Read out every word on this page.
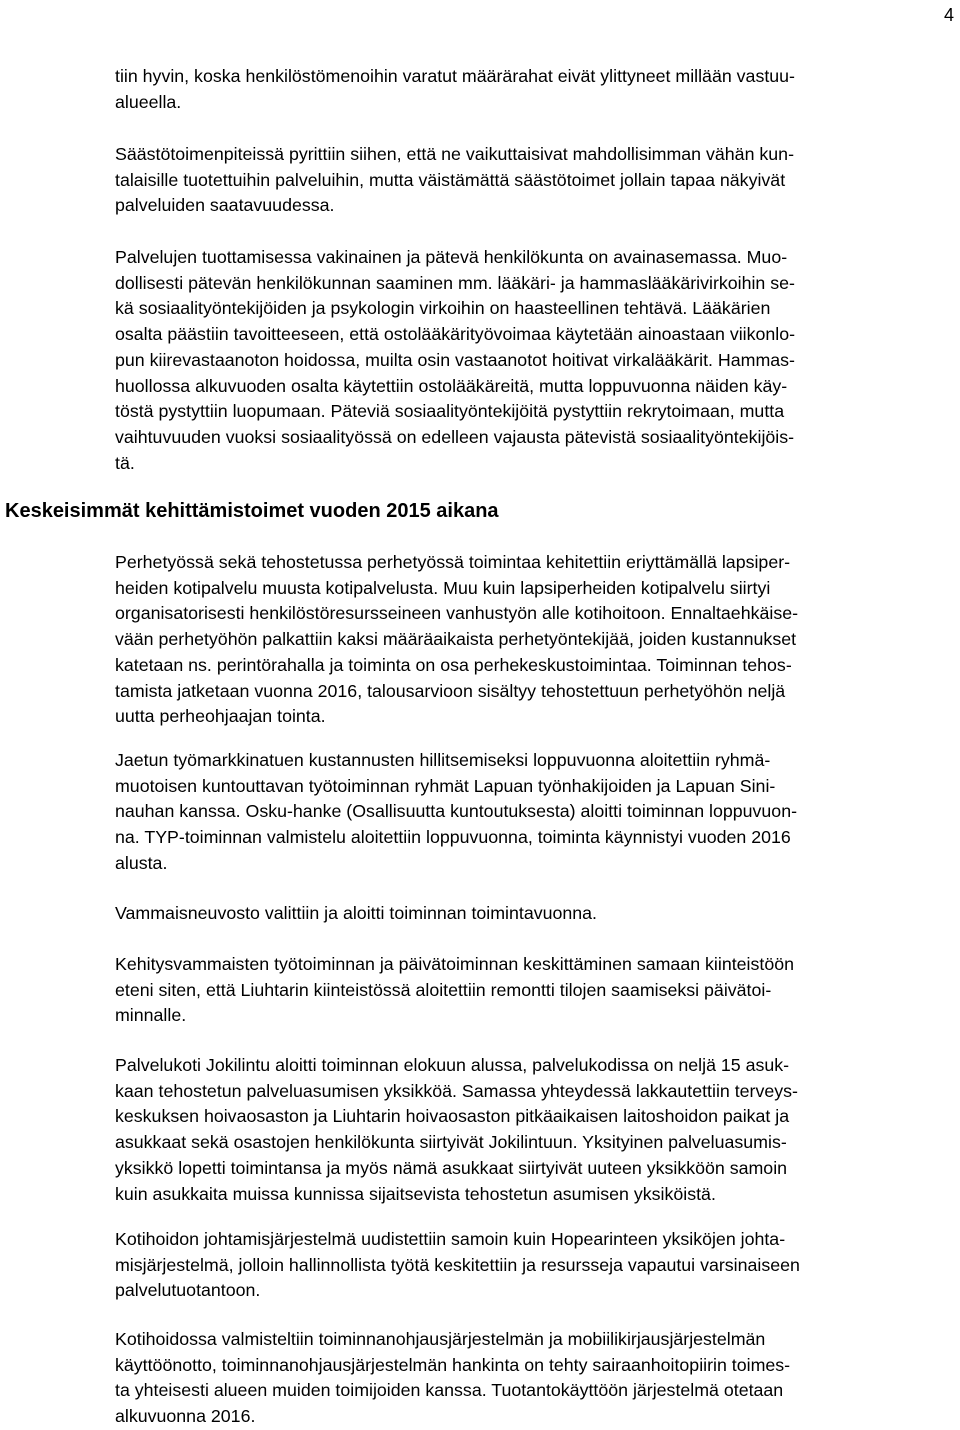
4

tiin hyvin, koska henkilöstömenoihin varatut määrärahat eivät ylittyneet millään vastuu-
alueella.

Säästötoimenpiteissä pyrittiin siihen, että ne vaikuttaisivat mahdollisimman vähän kun-
talaisille tuotettuihin palveluihin, mutta väistämättä säästötoimet jollain tapaa näkyivät
palveluiden saatavuudessa.

Palvelujen tuottamisessa vakinainen ja pätevä henkilökunta on avainasemassa. Muo-
dollisesti pätevän henkilökunnan saaminen mm. lääkäri- ja hammaslääkärivirkoihin se-
kä sosiaalityöntekijöiden ja psykologin virkoihin on haasteellinen tehtävä. Lääkärien
osalta päästiin tavoitteeseen, että ostolääkärityövoimaa käytetään ainoastaan viikonlo-
pun kiirevastaanoton hoidossa, muilta osin vastaanotot hoitivat virkalääkärit. Hammas-
huollossa alkuvuoden osalta käytettiin ostolääkäreitä, mutta loppuvuonna näiden käy-
töstä pystyttiin luopumaan. Päteviä sosiaalityöntekijöitä pystyttiin rekrytoimaan, mutta
vaihtuvuuden vuoksi sosiaalityössä on edelleen vajausta pätevistä sosiaalityöntekijöis-
tä.

Keskeisimmät kehittämistoimet vuoden 2015 aikana

Perhetyössä sekä tehostetussa perhetyössä toimintaa kehitettiin eriyttämällä lapsiper-
heiden kotipalvelu muusta kotipalvelusta. Muu kuin lapsiperheiden kotipalvelu siirtyi
organisatorisesti henkilöstöresursseineen vanhustyön alle kotihoitoon. Ennaltaehkäise-
vään perhetyöhön palkattiin kaksi määräaikaista perhetyöntekijää, joiden kustannukset
katetaan ns. perintörahalla ja toiminta on osa perhekeskustoimintaa. Toiminnan tehos-
tamista jatketaan vuonna 2016, talousarvioon sisältyy tehostettuun perhetyöhön neljä
uutta perheohjaajan tointa.

Jaetun työmarkkinatuen kustannusten hillitsemiseksi loppuvuonna aloitettiin ryhmä-
muotoisen kuntouttavan työtoiminnan ryhmät Lapuan työnhakijoiden ja Lapuan Sini-
nauhan kanssa. Osku-hanke (Osallisuutta kuntoutuksesta) aloitti toiminnan loppuvuon-
na. TYP-toiminnan valmistelu aloitettiin loppuvuonna, toiminta käynnistyi vuoden 2016
alusta.

Vammaisneuvosto valittiin ja aloitti toiminnan toimintavuonna.

Kehitysvammaisten työtoiminnan ja päivätoiminnan keskittäminen samaan kiinteistöön
eteni siten, että Liuhtarin kiinteistössä aloitettiin remontti tilojen saamiseksi päivätoi-
minnalle.

Palvelukoti Jokilintu aloitti toiminnan elokuun alussa, palvelukodissa on neljä 15 asuk-
kaan tehostetun palveluasumisen yksikköä. Samassa yhteydessä lakkautettiin terveys-
keskuksen hoivaosaston ja Liuhtarin hoivaosaston pitkäaikaisen laitoshoidon paikat ja
asukkaat sekä osastojen henkilökunta siirtyivät Jokilintuun. Yksityinen palveluasumis-
yksikkö lopetti toimintansa ja myös nämä asukkaat siirtyivät uuteen yksikköön samoin
kuin asukkaita muissa kunnissa sijaitsevista tehostetun asumisen yksiköistä.

Kotihoidon johtamisjärjestelmä uudistettiin samoin kuin Hopearinteen yksiköjen johta-
misjärjestelmä, jolloin hallinnollista työtä keskitettiin ja resursseja vapautui varsinaiseen
palvelutuotantoon.

Kotihoidossa valmisteltiin toiminnanohjausjärjestelmän ja mobiilikirjausjärjestelmän
käyttöönotto, toiminnanohjausjärjestelmän hankinta on tehty sairaanhoitopiirin toimes-
ta yhteisesti alueen muiden toimijoiden kanssa. Tuotantokäyttöön järjestelmä otetaan
alkuvuonna 2016.
